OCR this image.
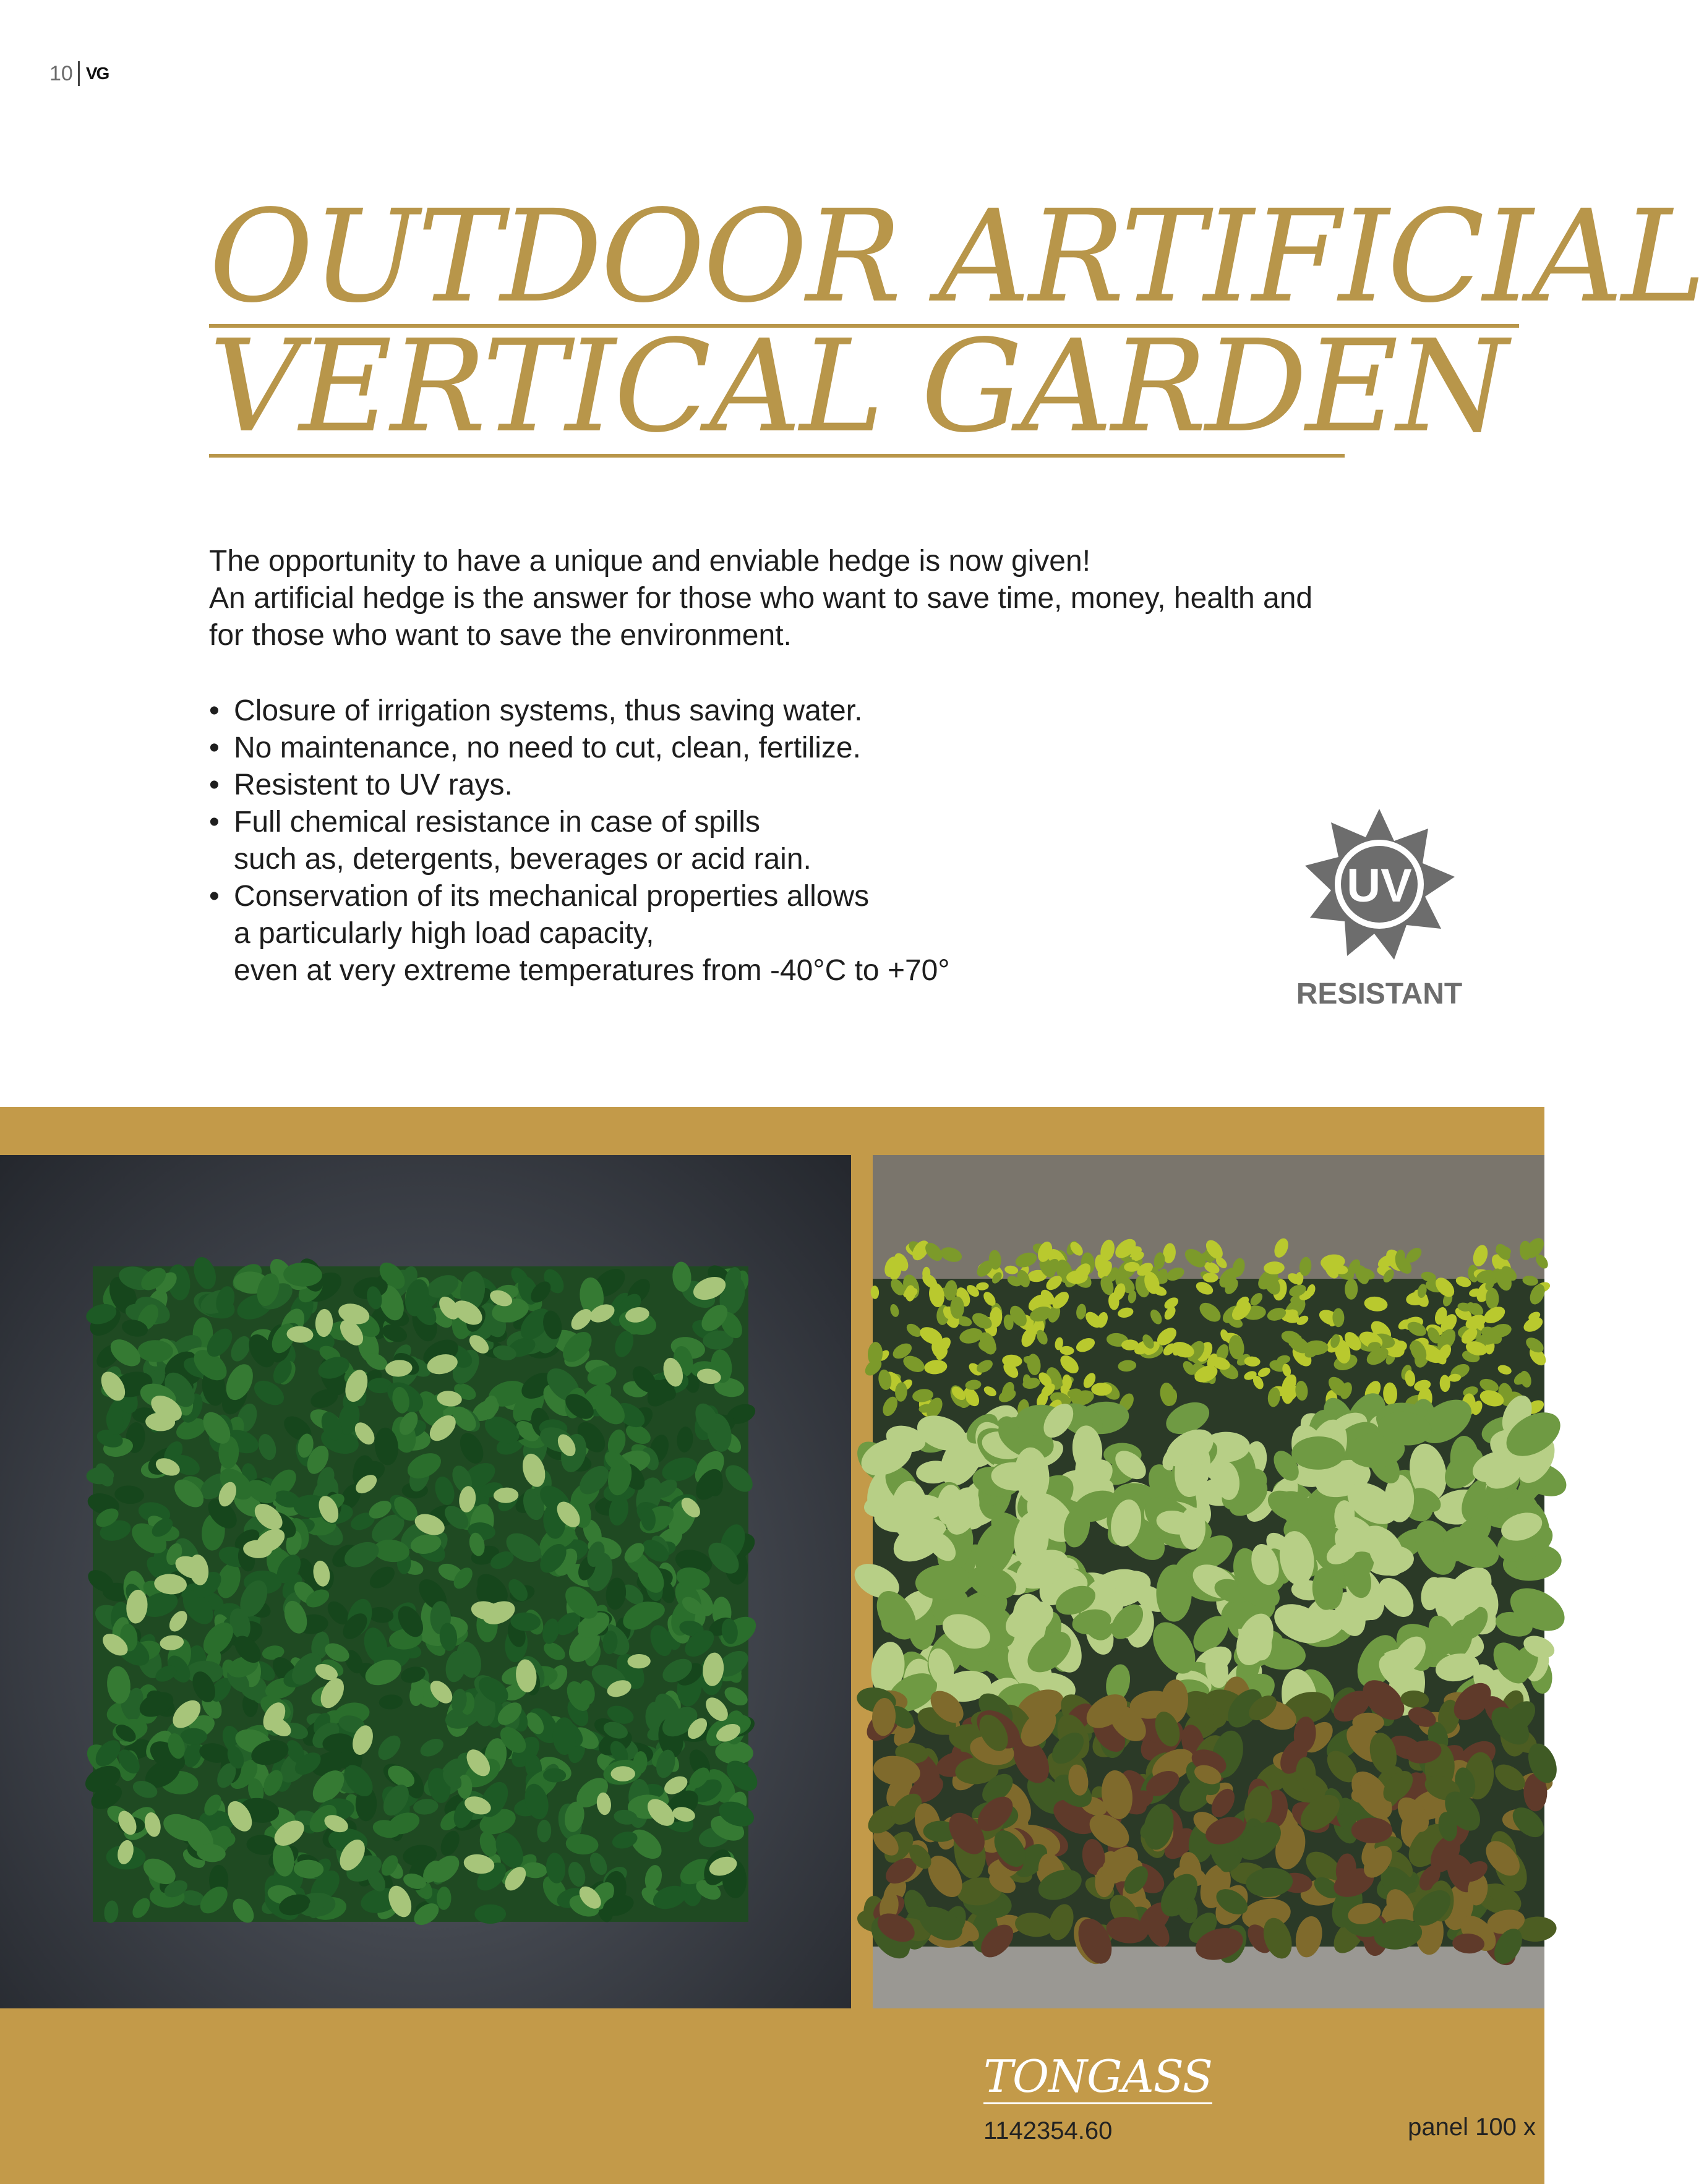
10 VG
OUTDOOR ARTIFICIAL
VERTICAL GARDEN

The opportunity to have a unique and enviable hedge is now given!

An artificial hedge is the answer for those who want to save time, money, health and

for those who want to save the environment.

• Closure of irrigation systems, thus saving water.
• No maintenance, no need to cut, clean, fertilize.
• Resistent to UV rays.
• Full chemical resistance in case of spills
such as, detergents, beverages or acid rain.
• Conservation of its mechanical properties allows
a particularly high load capacity,
even at very extreme temperatures from -40°C to +70°
UV
RESISTANT
TONGASS
1142354.60	panel 100 x
